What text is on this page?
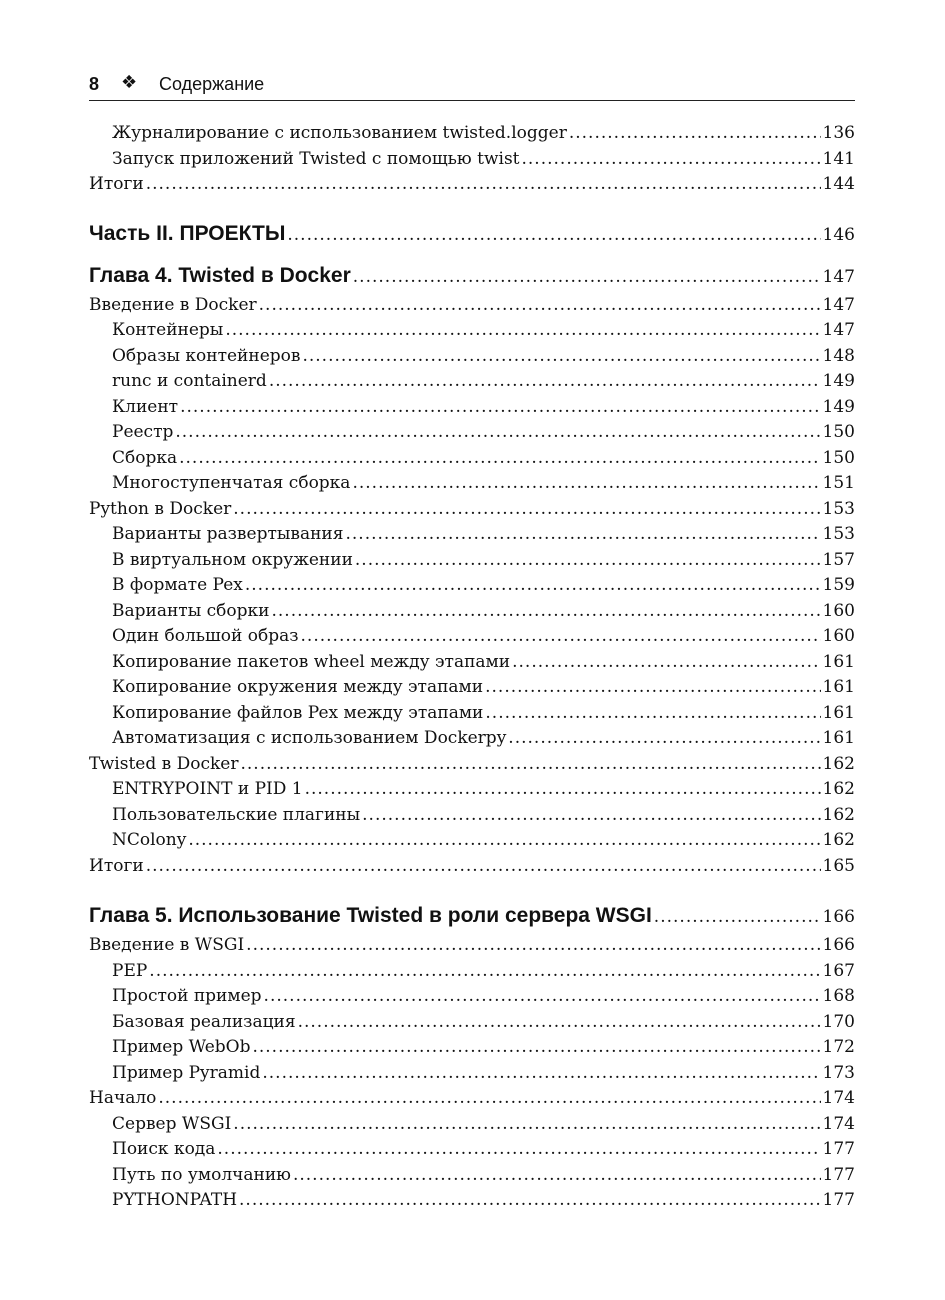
8 ❖ Содержание
Журналирование с использованием twisted.logger .....	136
Запуск приложений Twisted с помощью twist .....	141
Итоги .....	144
Часть II. ПРОЕКТЫ .....	146
Глава 4. Twisted в Docker .....	147
Введение в Docker .....	147
Контейнеры .....	147
Образы контейнеров .....	148
runc и containerd .....	149
Клиент .....	149
Реестр .....	150
Сборка .....	150
Многоступенчатая сборка .....	151
Python в Docker .....	153
Варианты развертывания .....	153
В виртуальном окружении .....	157
В формате Pex .....	159
Варианты сборки .....	160
Один большой образ .....	160
Копирование пакетов wheel между этапами .....	161
Копирование окружения между этапами .....	161
Копирование файлов Pex между этапами .....	161
Автоматизация с использованием Dockerpy .....	161
Twisted в Docker .....	162
ENTRYPOINT и PID 1 .....	162
Пользовательские плагины .....	162
NColony .....	162
Итоги .....	165
Глава 5. Использование Twisted в роли сервера WSGI .....	166
Введение в WSGI .....	166
PEP .....	167
Простой пример .....	168
Базовая реализация .....	170
Пример WebOb .....	172
Пример Pyramid .....	173
Начало .....	174
Сервер WSGI .....	174
Поиск кода .....	177
Путь по умолчанию .....	177
PYTHONPATH .....	177
